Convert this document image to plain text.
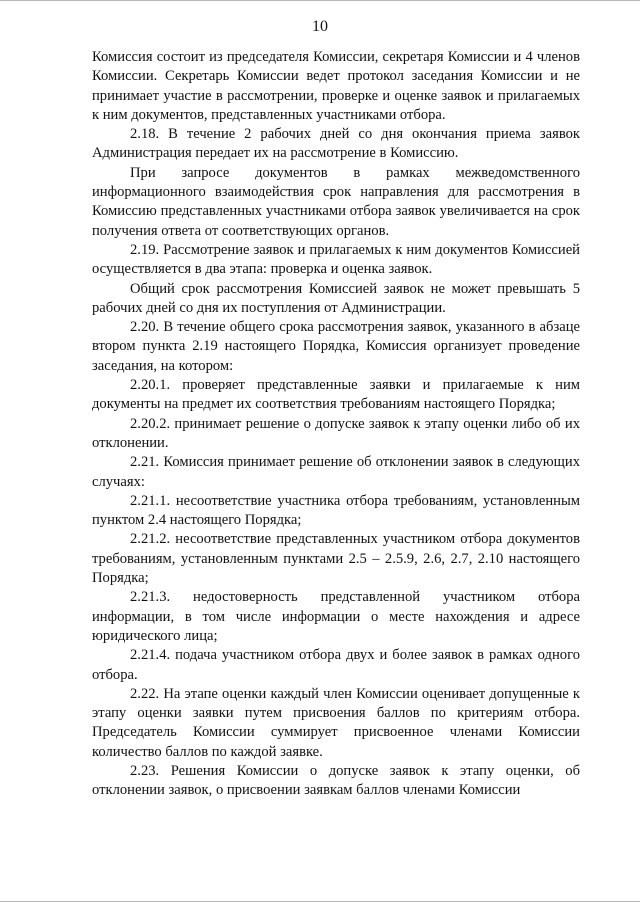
10

Комиссия состоит из председателя Комиссии, секретаря Комиссии и 4 членов Комиссии. Секретарь Комиссии ведет протокол заседания Комиссии и не принимает участие в рассмотрении, проверке и оценке заявок и прилагаемых к ним документов, представленных участниками отбора.

2.18. В течение 2 рабочих дней со дня окончания приема заявок Администрация передает их на рассмотрение в Комиссию.

При запросе документов в рамках межведомственного информационного взаимодействия срок направления для рассмотрения в Комиссию представленных участниками отбора заявок увеличивается на срок получения ответа от соответствующих органов.

2.19. Рассмотрение заявок и прилагаемых к ним документов Комиссией осуществляется в два этапа: проверка и оценка заявок.

Общий срок рассмотрения Комиссией заявок не может превышать 5 рабочих дней со дня их поступления от Администрации.

2.20. В течение общего срока рассмотрения заявок, указанного в абзаце втором пункта 2.19 настоящего Порядка, Комиссия организует проведение заседания, на котором:

2.20.1. проверяет представленные заявки и прилагаемые к ним документы на предмет их соответствия требованиям настоящего Порядка;

2.20.2. принимает решение о допуске заявок к этапу оценки либо об их отклонении.

2.21. Комиссия принимает решение об отклонении заявок в следующих случаях:

2.21.1. несоответствие участника отбора требованиям, установленным пунктом 2.4 настоящего Порядка;

2.21.2. несоответствие представленных участником отбора документов требованиям, установленным пунктами 2.5 – 2.5.9, 2.6, 2.7, 2.10 настоящего Порядка;

2.21.3. недостоверность представленной участником отбора информации, в том числе информации о месте нахождения и адресе юридического лица;

2.21.4. подача участником отбора двух и более заявок в рамках одного отбора.

2.22. На этапе оценки каждый член Комиссии оценивает допущенные к этапу оценки заявки путем присвоения баллов по критериям отбора. Председатель Комиссии суммирует присвоенное членами Комиссии количество баллов по каждой заявке.

2.23. Решения Комиссии о допуске заявок к этапу оценки, об отклонении заявок, о присвоении заявкам баллов членами Комиссии
